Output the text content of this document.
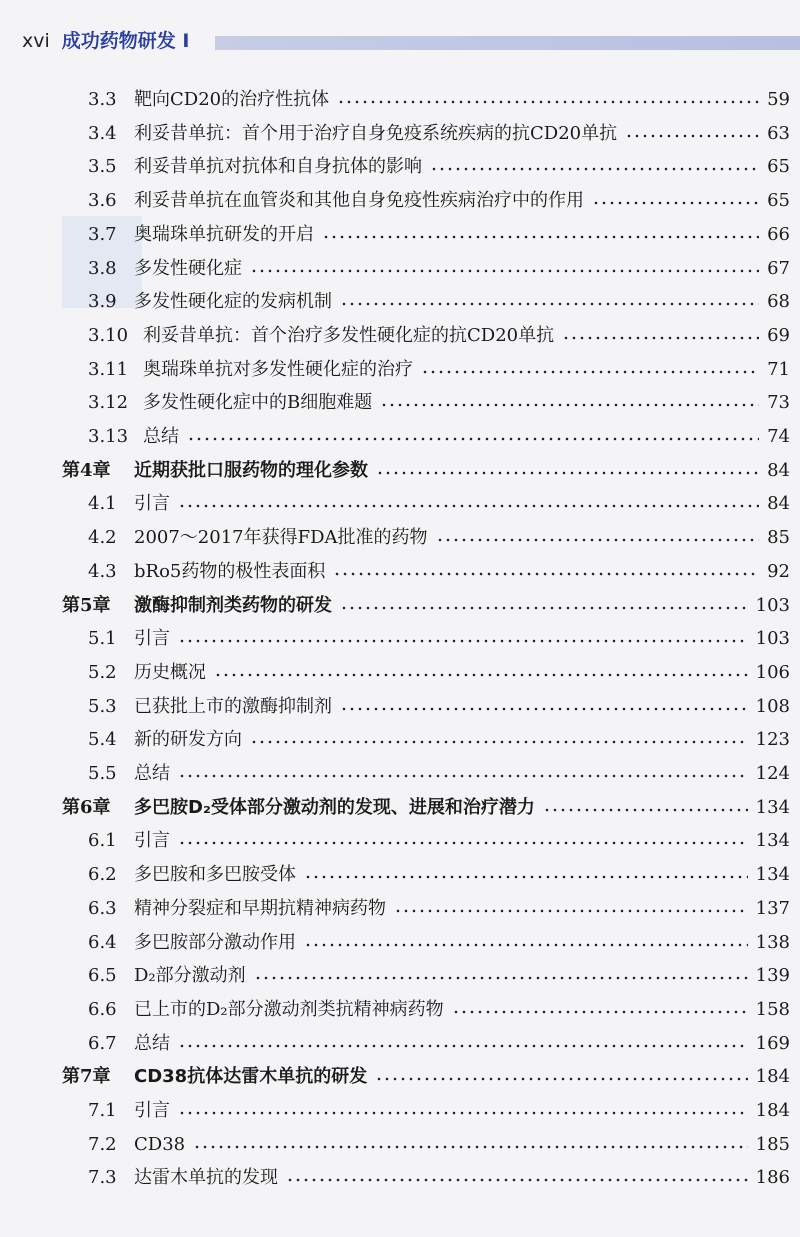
xvi 成功药物研发 Ⅰ
3.3 靶向CD20的治疗性抗体	59
3.4 利妥昔单抗：首个用于治疗自身免疫系统疾病的抗CD20单抗	63
3.5 利妥昔单抗对抗体和自身抗体的影响	65
3.6 利妥昔单抗在血管炎和其他自身免疫性疾病治疗中的作用	65
3.7 奥瑞珠单抗研发的开启	66
3.8 多发性硬化症	67
3.9 多发性硬化症的发病机制	68
3.10 利妥昔单抗：首个治疗多发性硬化症的抗CD20单抗	69
3.11 奥瑞珠单抗对多发性硬化症的治疗	71
3.12 多发性硬化症中的B细胞难题	73
3.13 总结	74
第4章 近期获批口服药物的理化参数	84
4.1 引言	84
4.2 2007～2017年获得FDA批准的药物	85
4.3 bRo5药物的极性表面积	92
第5章 激酶抑制剂类药物的研发	103
5.1 引言	103
5.2 历史概况	106
5.3 已获批上市的激酶抑制剂	108
5.4 新的研发方向	123
5.5 总结	124
第6章 多巴胺D₂受体部分激动剂的发现、进展和治疗潜力	134
6.1 引言	134
6.2 多巴胺和多巴胺受体	134
6.3 精神分裂症和早期抗精神病药物	137
6.4 多巴胺部分激动作用	138
6.5 D₂部分激动剂	139
6.6 已上市的D₂部分激动剂类抗精神病药物	158
6.7 总结	169
第7章 CD38抗体达雷木单抗的研发	184
7.1 引言	184
7.2 CD38	185
7.3 达雷木单抗的发现	186
